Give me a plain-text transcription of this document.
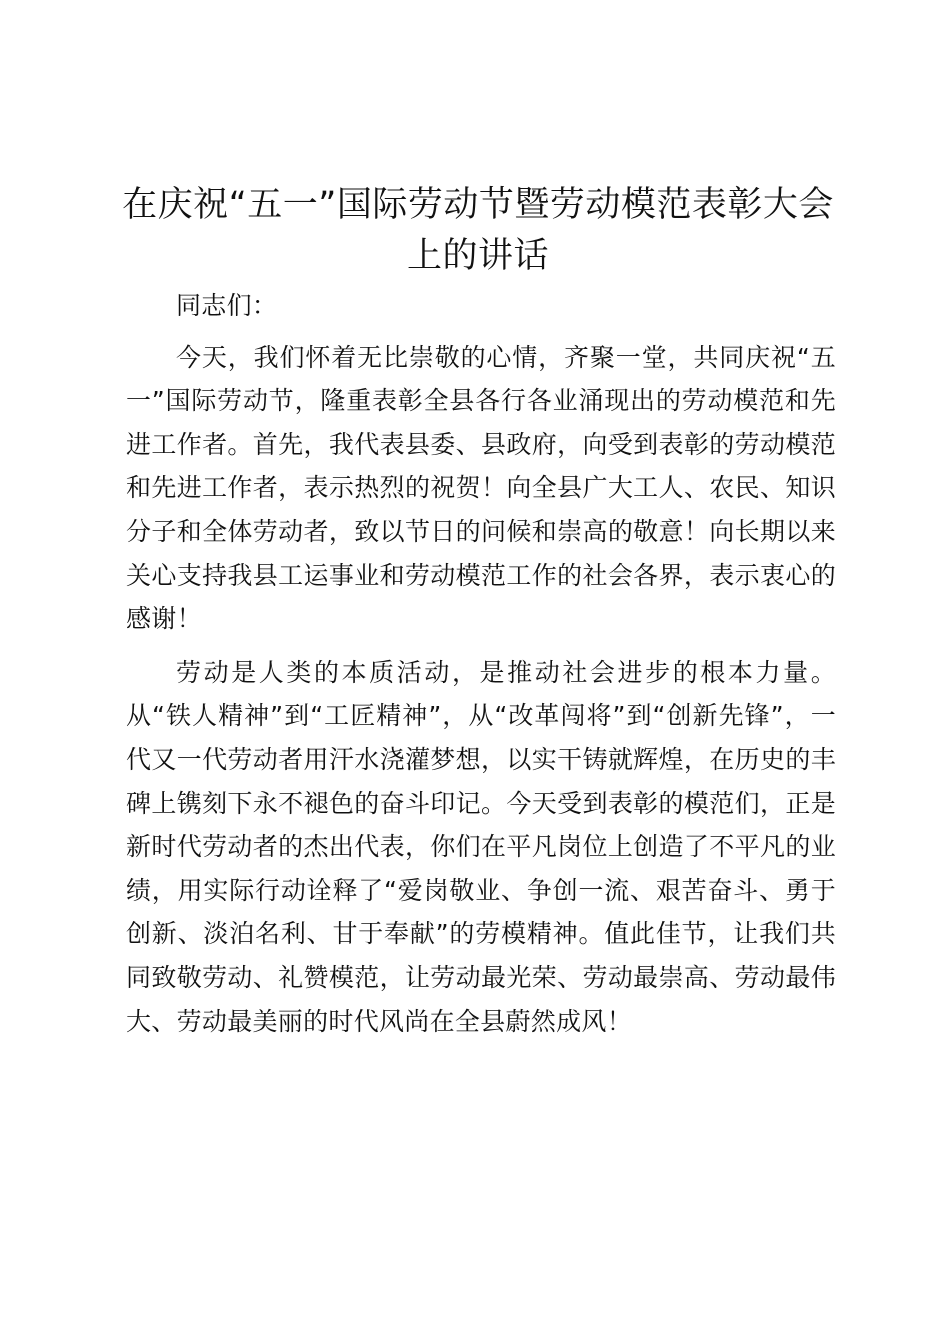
在庆祝“五一”国际劳动节暨劳动模范表彰大会上的讲话

同志们：

今天，我们怀着无比崇敬的心情，齐聚一堂，共同庆祝“五一”国际劳动节，隆重表彰全县各行各业涌现出的劳动模范和先进工作者。首先，我代表县委、县政府，向受到表彰的劳动模范和先进工作者，表示热烈的祝贺！向全县广大工人、农民、知识分子和全体劳动者，致以节日的问候和崇高的敬意！向长期以来关心支持我县工运事业和劳动模范工作的社会各界，表示衷心的感谢！

劳动是人类的本质活动，是推动社会进步的根本力量。从“铁人精神”到“工匠精神”，从“改革闯将”到“创新先锋”，一代又一代劳动者用汗水浇灌梦想，以实干铸就辉煌，在历史的丰碑上镌刻下永不褪色的奋斗印记。今天受到表彰的模范们，正是新时代劳动者的杰出代表，你们在平凡岗位上创造了不平凡的业绩，用实际行动诠释了“爱岗敬业、争创一流、艰苦奋斗、勇于创新、淡泊名利、甘于奉献”的劳模精神。值此佳节，让我们共同致敬劳动、礼赞模范，让劳动最光荣、劳动最崇高、劳动最伟大、劳动最美丽的时代风尚在全县蔚然成风！
